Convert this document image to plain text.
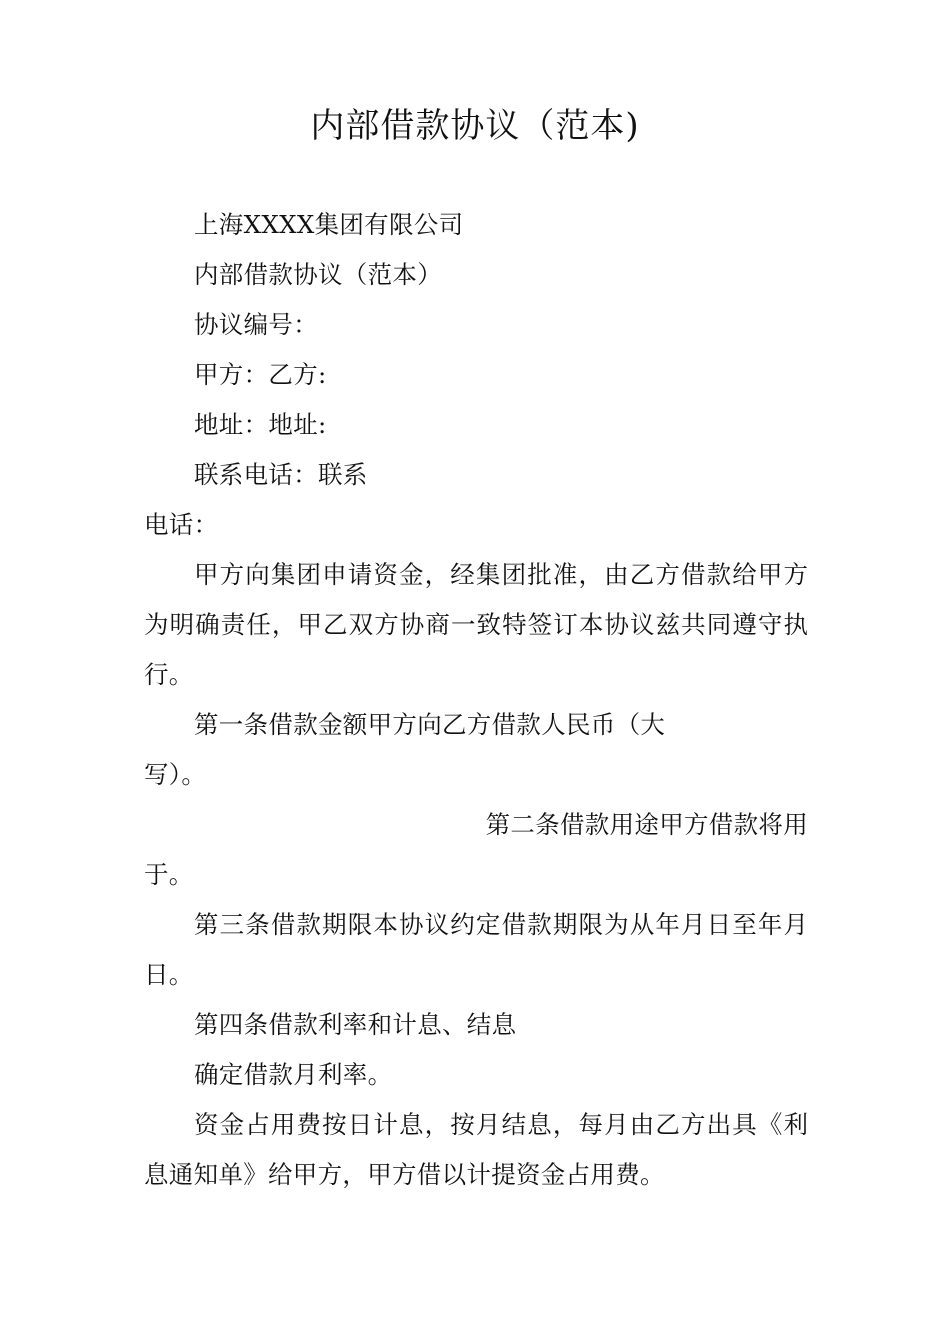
内部借款协议（范本)
上海XXXX集团有限公司
内部借款协议（范本）
协议编号：
甲方：乙方:
地址：地址:
联系电话：联系
电话：
甲方向集团申请资金，经集团批准，由乙方借款给甲方
为明确责任，甲乙双方协商一致特签订本协议兹共同遵守执
行。
第一条借款金额甲方向乙方借款人民币（大
写）。
第二条借款用途甲方借款将用
于。
第三条借款期限本协议约定借款期限为从年月日至年月
日。
第四条借款利率和计息、结息
确定借款月利率。
资金占用费按日计息，按月结息，每月由乙方出具《利
息通知单》给甲方，甲方借以计提资金占用费。
